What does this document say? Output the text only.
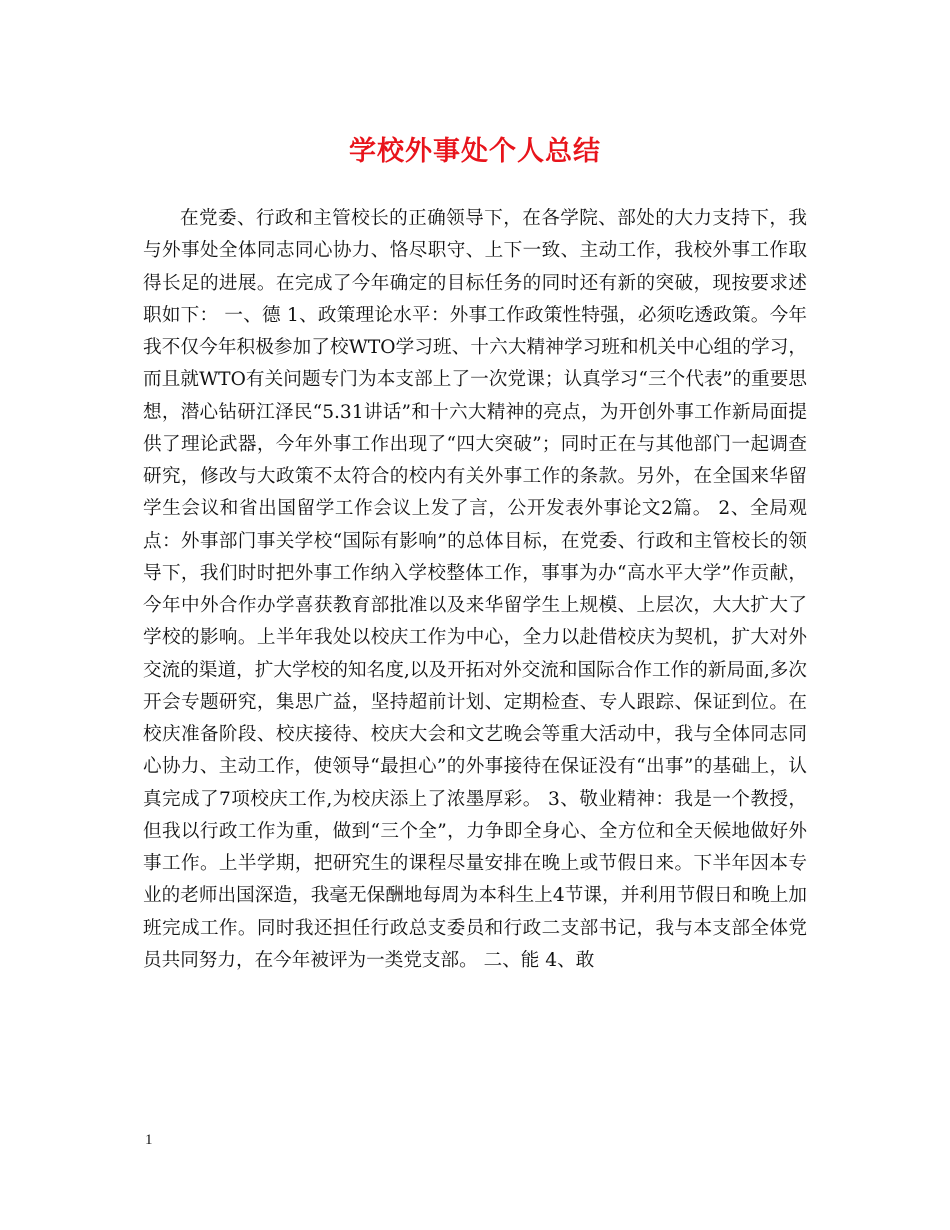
学校外事处个人总结

在党委、行政和主管校长的正确领导下，在各学院、部处的大力支持下，我与外事处全体同志同心协力、恪尽职守、上下一致、主动工作，我校外事工作取得长足的进展。在完成了今年确定的目标任务的同时还有新的突破，现按要求述职如下： 一、德 1、政策理论水平：外事工作政策性特强，必须吃透政策。今年我不仅今年积极参加了校WTO学习班、十六大精神学习班和机关中心组的学习，而且就WTO有关问题专门为本支部上了一次党课；认真学习“三个代表”的重要思想，潜心钻研江泽民“5.31讲话”和十六大精神的亮点，为开创外事工作新局面提供了理论武器，今年外事工作出现了“四大突破”；同时正在与其他部门一起调查研究，修改与大政策不太符合的校内有关外事工作的条款。另外，在全国来华留学生会议和省出国留学工作会议上发了言，公开发表外事论文2篇。 2、全局观点：外事部门事关学校“国际有影响”的总体目标，在党委、行政和主管校长的领导下，我们时时把外事工作纳入学校整体工作，事事为办“高水平大学”作贡献，今年中外合作办学喜获教育部批准以及来华留学生上规模、上层次，大大扩大了学校的影响。上半年我处以校庆工作为中心，全力以赴借校庆为契机，扩大对外交流的渠道，扩大学校的知名度,以及开拓对外交流和国际合作工作的新局面,多次开会专题研究，集思广益，坚持超前计划、定期检查、专人跟踪、保证到位。在校庆准备阶段、校庆接待、校庆大会和文艺晚会等重大活动中，我与全体同志同心协力、主动工作，使领导“最担心”的外事接待在保证没有“出事”的基础上，认真完成了7项校庆工作,为校庆添上了浓墨厚彩。 3、敬业精神：我是一个教授，但我以行政工作为重，做到“三个全”，力争即全身心、全方位和全天候地做好外事工作。上半学期，把研究生的课程尽量安排在晚上或节假日来。下半年因本专业的老师出国深造，我毫无保酬地每周为本科生上4节课，并利用节假日和晚上加班完成工作。同时我还担任行政总支委员和行政二支部书记，我与本支部全体党员共同努力，在今年被评为一类党支部。 二、能 4、敢

1
